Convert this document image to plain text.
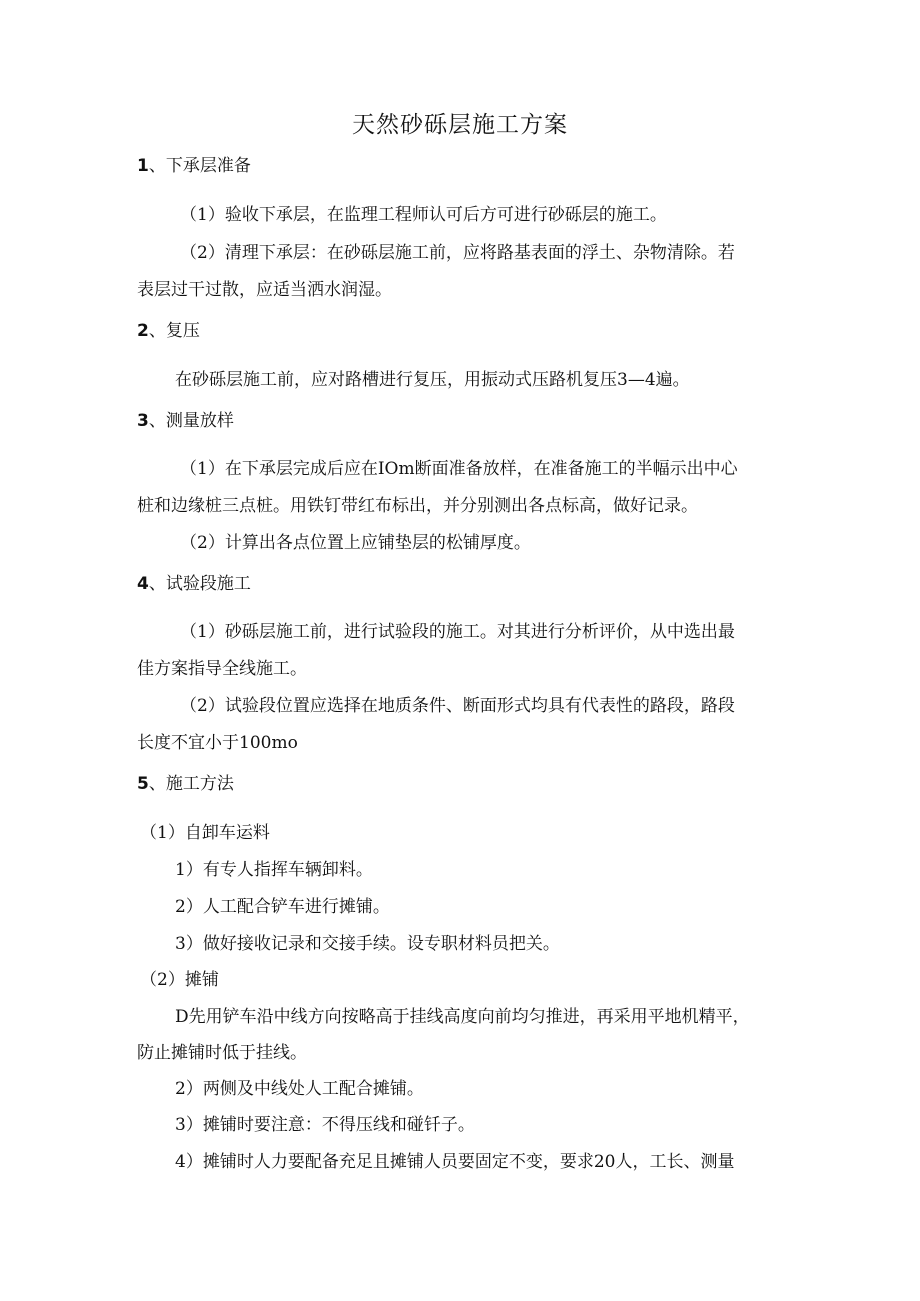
天然砂砾层施工方案
1、下承层准备
（1）验收下承层，在监理工程师认可后方可进行砂砾层的施工。
（2）清理下承层：在砂砾层施工前，应将路基表面的浮土、杂物清除。若
表层过干过散，应适当洒水润湿。
2、复压
在砂砾层施工前，应对路槽进行复压，用振动式压路机复压3—4遍。
3、测量放样
（1）在下承层完成后应在IOm断面准备放样，在准备施工的半幅示出中心
桩和边缘桩三点桩。用铁钉带红布标出，并分别测出各点标高，做好记录。
（2）计算出各点位置上应铺垫层的松铺厚度。
4、试验段施工
（1）砂砾层施工前，进行试验段的施工。对其进行分析评价，从中选出最
佳方案指导全线施工。
（2）试验段位置应选择在地质条件、断面形式均具有代表性的路段，路段
长度不宜小于100mo
5、施工方法
（1）自卸车运料
1）有专人指挥车辆卸料。
2）人工配合铲车进行摊铺。
3）做好接收记录和交接手续。设专职材料员把关。
（2）摊铺
D先用铲车沿中线方向按略高于挂线高度向前均匀推进，再采用平地机精平，
防止摊铺时低于挂线。
2）两侧及中线处人工配合摊铺。
3）摊铺时要注意：不得压线和碰钎子。
4）摊铺时人力要配备充足且摊铺人员要固定不变，要求20人，工长、测量
